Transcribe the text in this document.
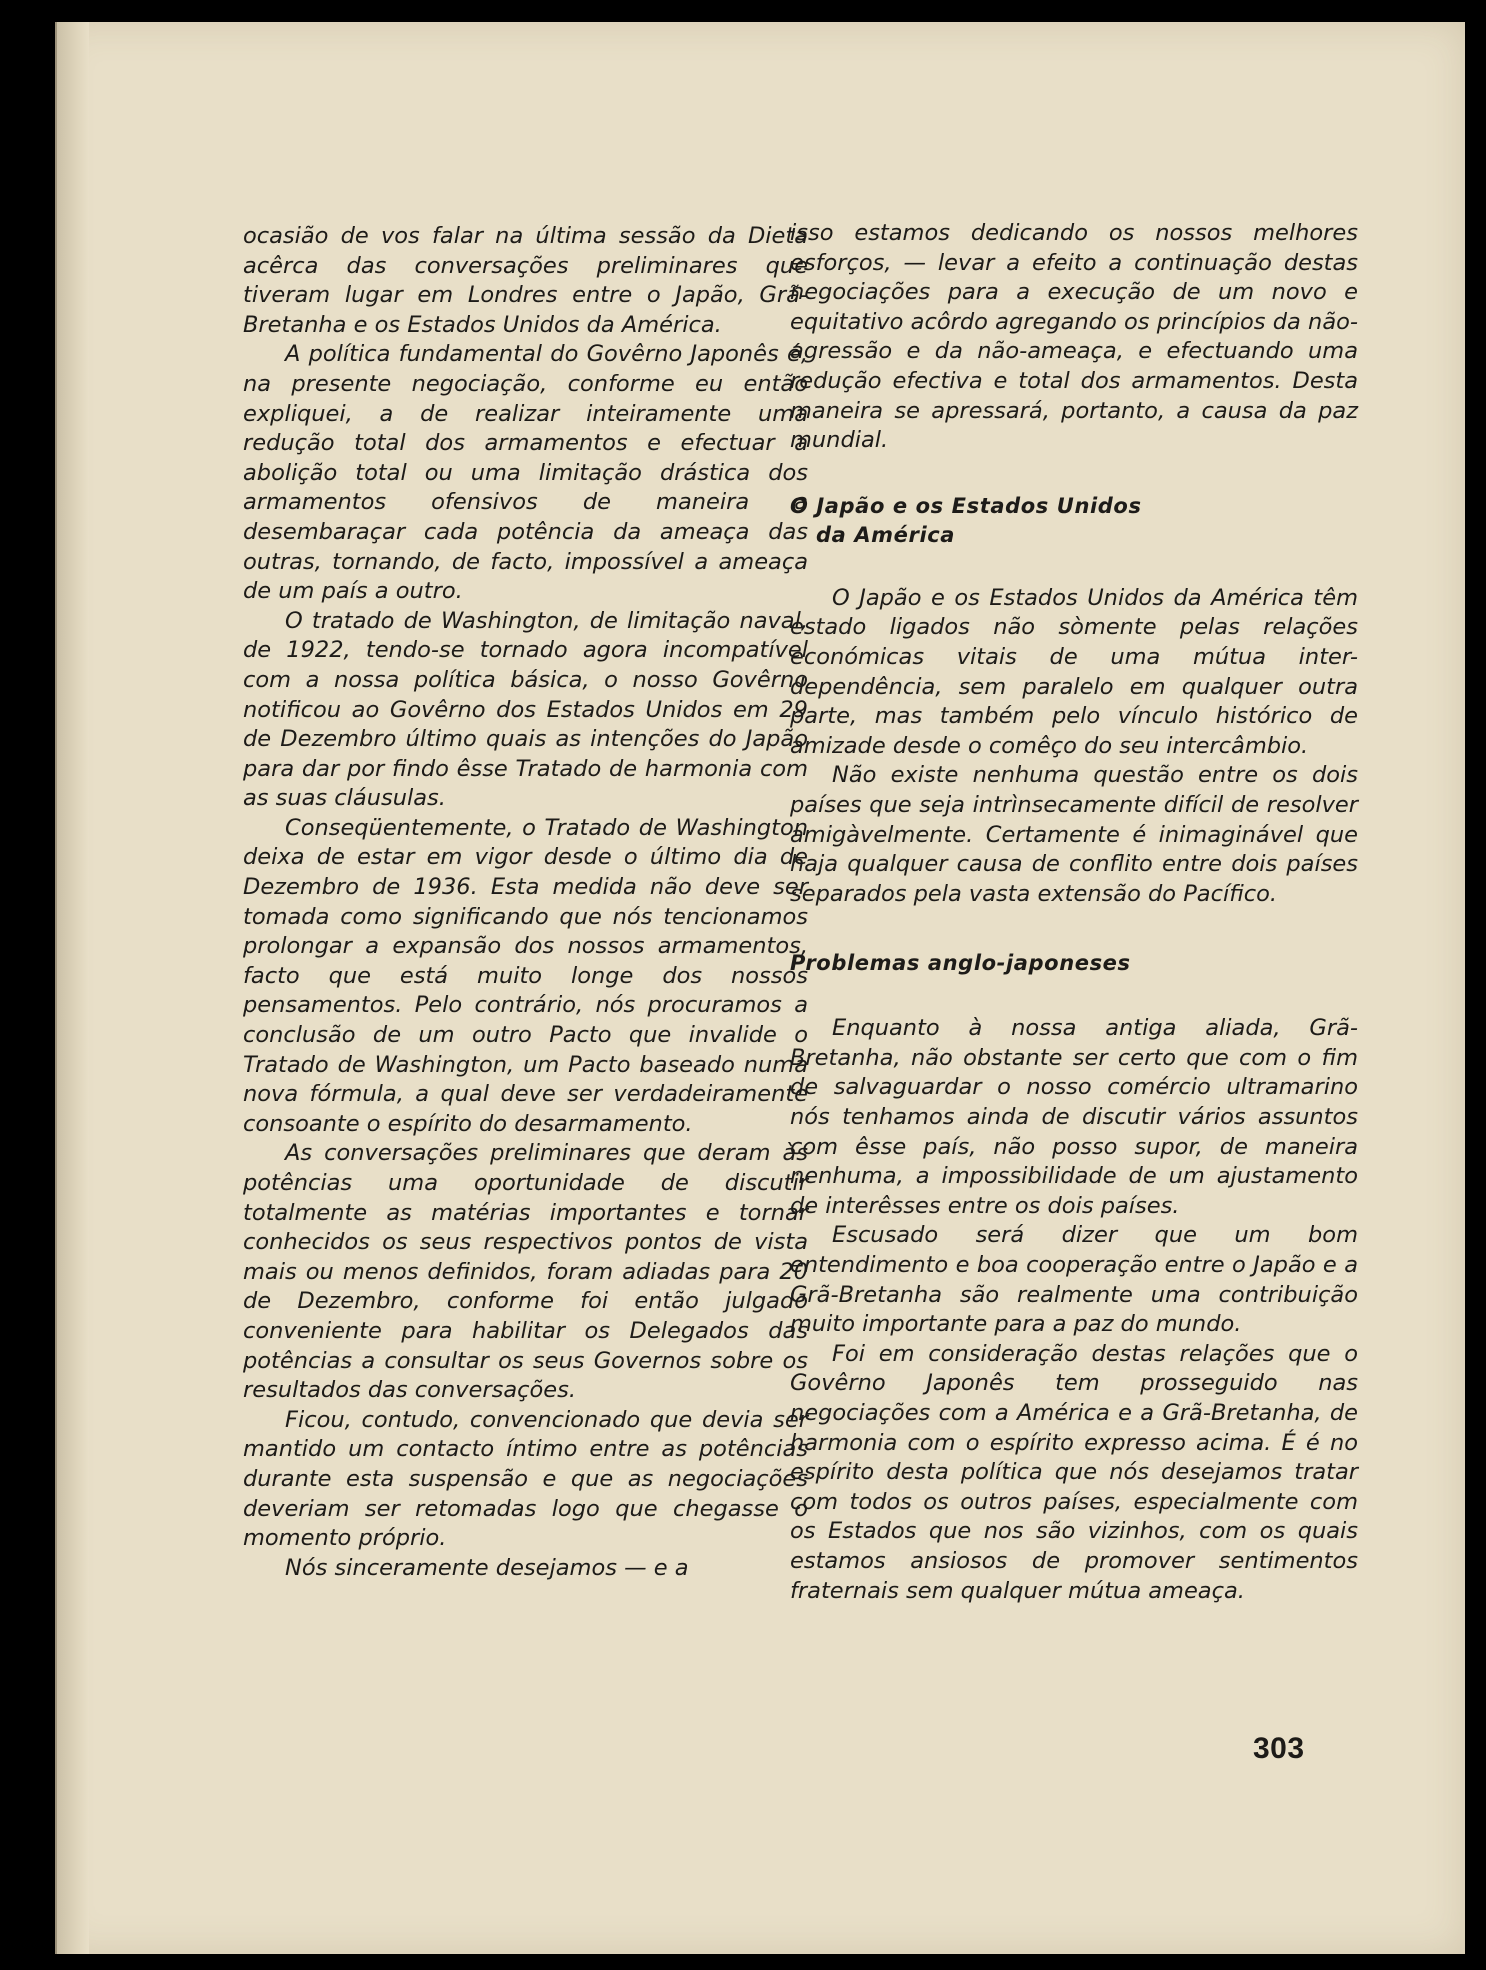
ocasião de vos falar na última sessão da Dieta acêrca das conversações preliminares que tiveram lugar em Londres entre o Japão, Grã-Bretanha e os Estados Unidos da América.

A política fundamental do Govêrno Japonês é, na presente negociação, conforme eu então expliquei, a de realizar inteiramente uma redução total dos armamentos e efectuar a abolição total ou uma limitação drástica dos armamentos ofensivos de maneira a desembaraçar cada potência da ameaça das outras, tornando, de facto, impossível a ameaça de um país a outro.

O tratado de Washington, de limitação naval, de 1922, tendo-se tornado agora incompatível com a nossa política básica, o nosso Govêrno notificou ao Govêrno dos Estados Unidos em 29 de Dezembro último quais as intenções do Japão para dar por findo êsse Tratado de harmonia com as suas cláusulas.

Conseqüentemente, o Tratado de Washington deixa de estar em vigor desde o último dia de Dezembro de 1936. Esta medida não deve ser tomada como significando que nós tencionamos prolongar a expansão dos nossos armamentos, facto que está muito longe dos nossos pensamentos. Pelo contrário, nós procuramos a conclusão de um outro Pacto que invalide o Tratado de Washington, um Pacto baseado numa nova fórmula, a qual deve ser verdadeiramente consoante o espírito do desarmamento.

As conversações preliminares que deram às potências uma oportunidade de discutir totalmente as matérias importantes e tornar conhecidos os seus respectivos pontos de vista mais ou menos definidos, foram adiadas para 20 de Dezembro, conforme foi então julgado conveniente para habilitar os Delegados das potências a consultar os seus Governos sobre os resultados das conversações.

Ficou, contudo, convencionado que devia ser mantido um contacto íntimo entre as potências durante esta suspensão e que as negociações deveriam ser retomadas logo que chegasse o momento próprio.

Nós sinceramente desejamos — e a

isso estamos dedicando os nossos melhores esforços, — levar a efeito a continuação destas negociações para a execução de um novo e equitativo acôrdo agregando os princípios da não-agressão e da não-ameaça, e efectuando uma redução efectiva e total dos armamentos. Desta maneira se apressará, portanto, a causa da paz mundial.

O Japão e os Estados Unidos
da América

O Japão e os Estados Unidos da América têm estado ligados não sòmente pelas relações económicas vitais de uma mútua inter-dependência, sem paralelo em qualquer outra parte, mas também pelo vínculo histórico de amizade desde o comêço do seu intercâmbio.

Não existe nenhuma questão entre os dois países que seja intrìnsecamente difícil de resolver amigàvelmente. Certamente é inimaginável que haja qualquer causa de conflito entre dois países separados pela vasta extensão do Pacífico.

Problemas anglo-japoneses

Enquanto à nossa antiga aliada, Grã-Bretanha, não obstante ser certo que com o fim de salvaguardar o nosso comércio ultramarino nós tenhamos ainda de discutir vários assuntos com êsse país, não posso supor, de maneira nenhuma, a impossibilidade de um ajustamento de interêsses entre os dois países.

Escusado será dizer que um bom entendimento e boa cooperação entre o Japão e a Grã-Bretanha são realmente uma contribuição muito importante para a paz do mundo.

Foi em consideração destas relações que o Govêrno Japonês tem prosseguido nas negociações com a América e a Grã-Bretanha, de harmonia com o espírito expresso acima. É é no espírito desta política que nós desejamos tratar com todos os outros países, especialmente com os Estados que nos são vizinhos, com os quais estamos ansiosos de promover sentimentos fraternais sem qualquer mútua ameaça.

303
